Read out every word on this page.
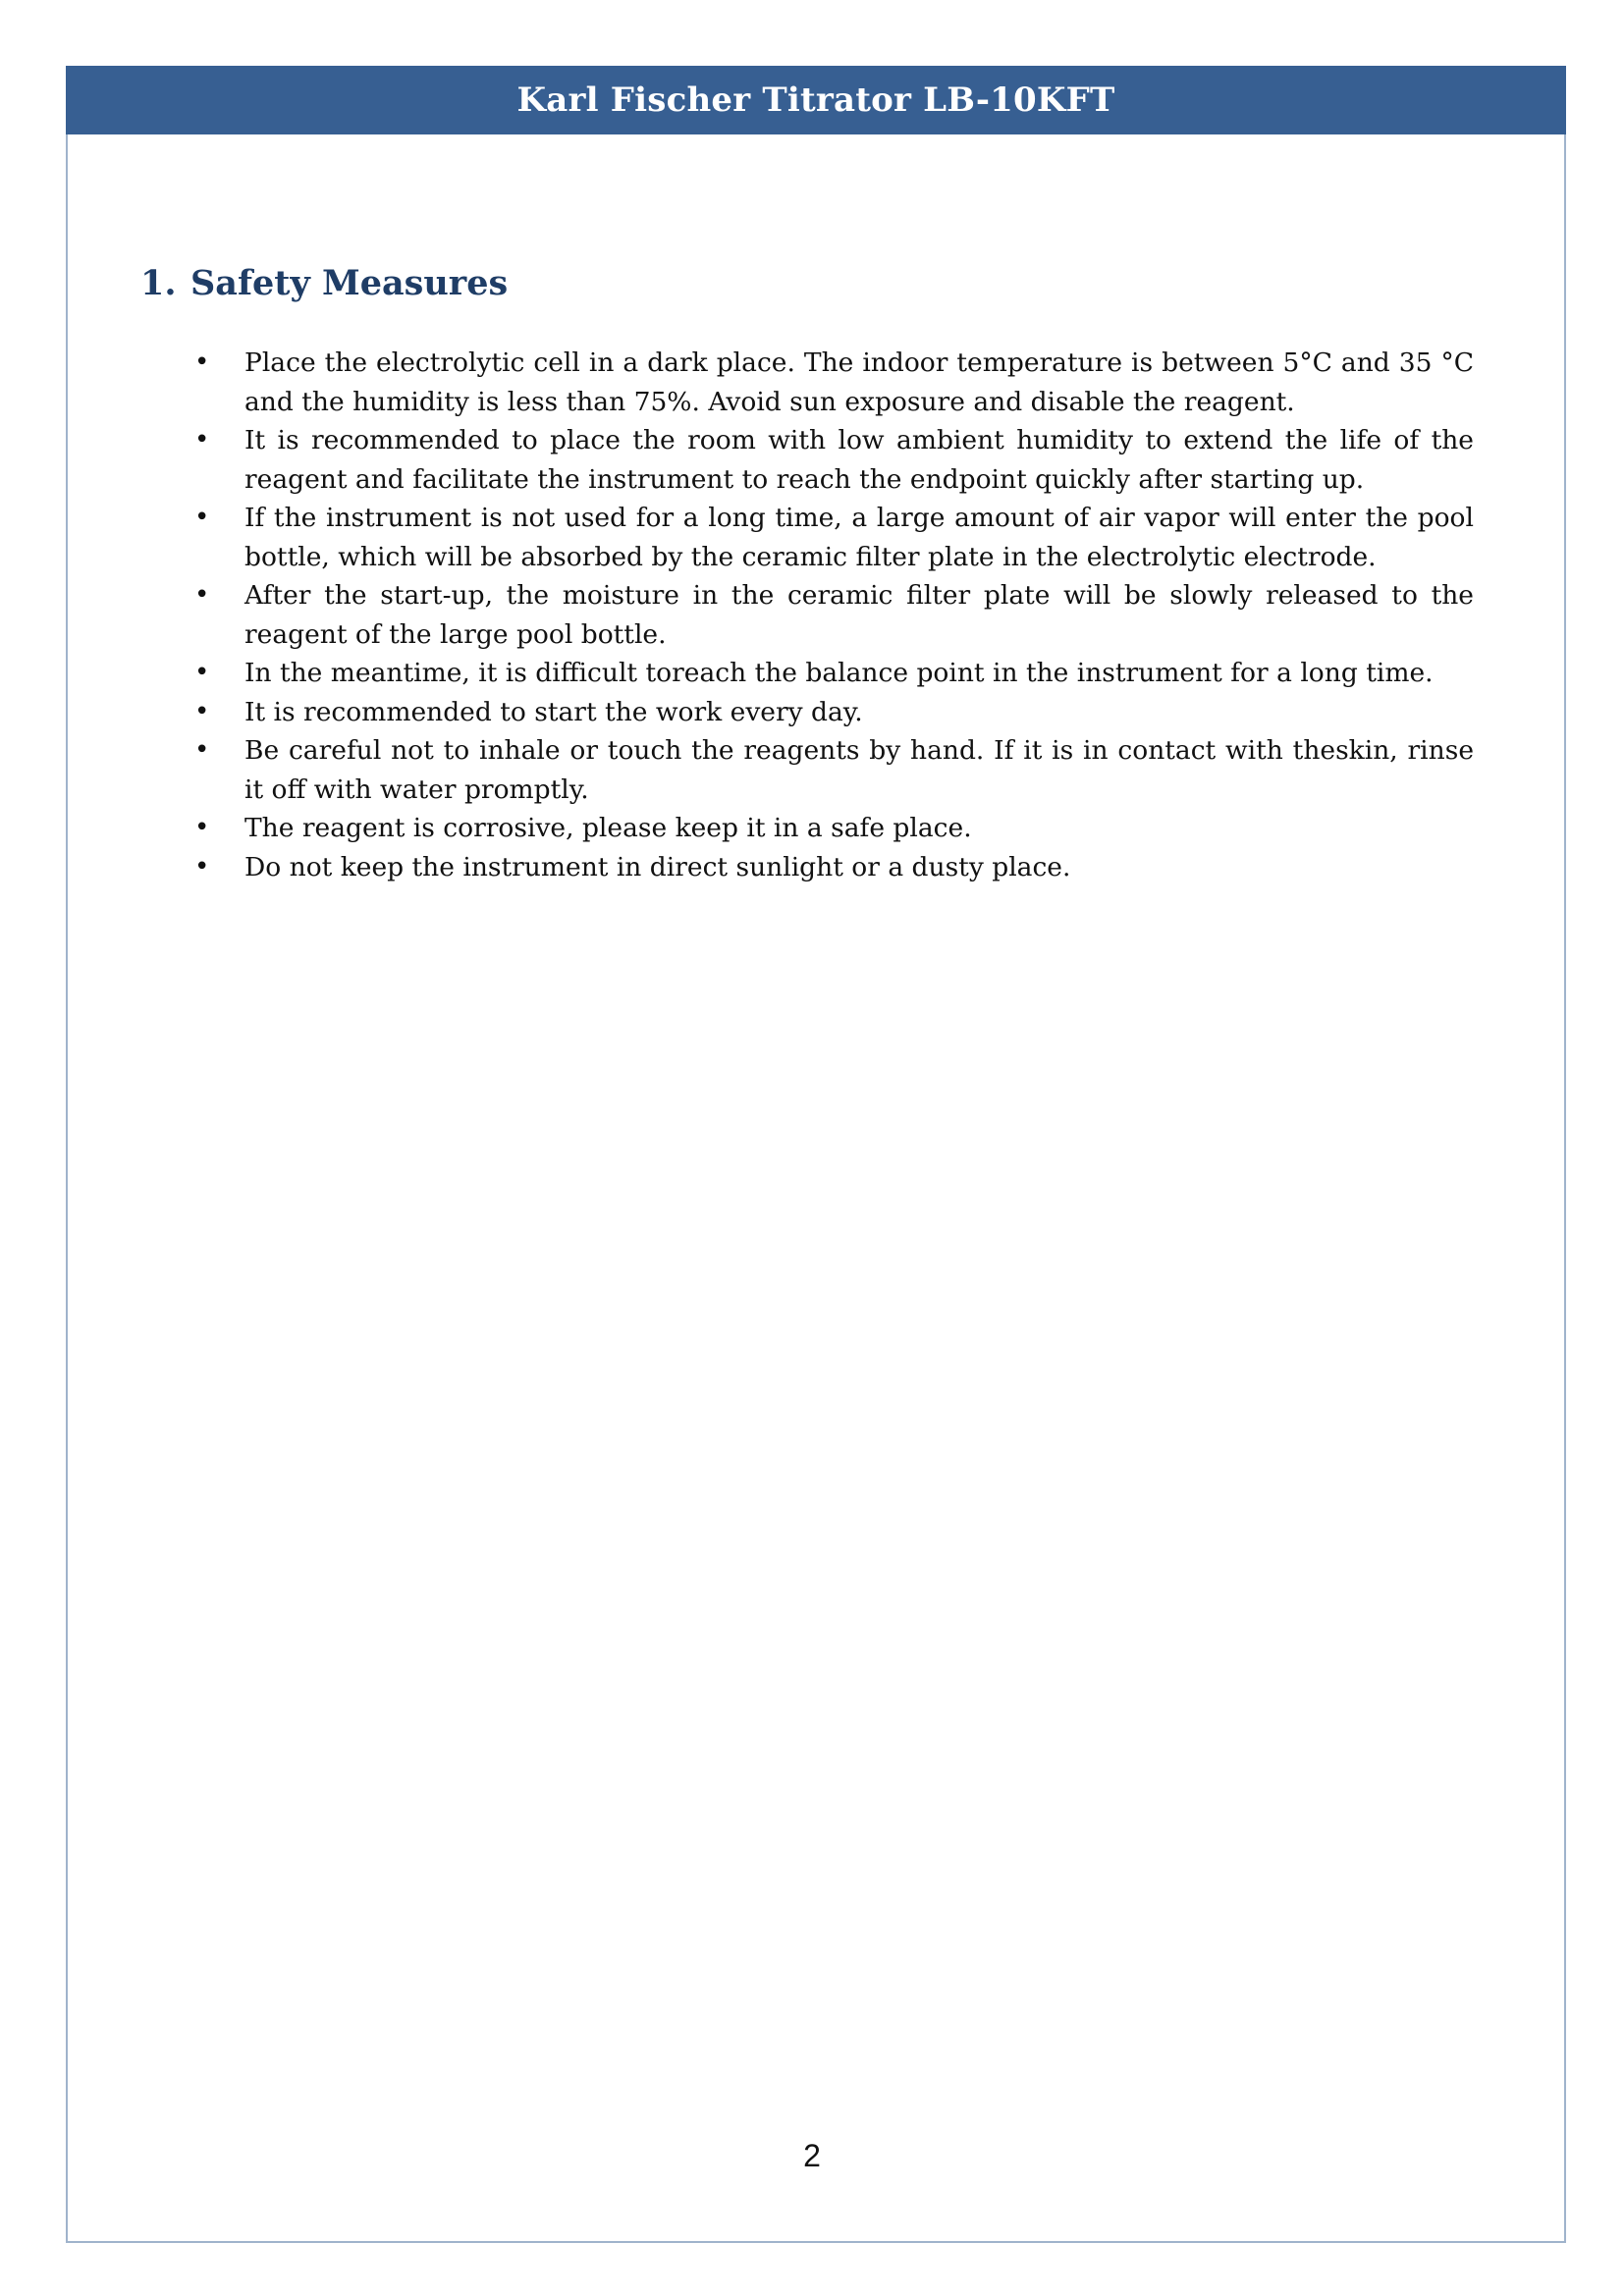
Karl Fischer Titrator LB-10KFT
1. Safety Measures
• Place the electrolytic cell in a dark place. The indoor temperature is between 5°C and 35 °C and the humidity is less than 75%. Avoid sun exposure and disable the reagent.
• It is recommended to place the room with low ambient humidity to extend the life of the reagent and facilitate the instrument to reach the endpoint quickly after starting up.
• If the instrument is not used for a long time, a large amount of air vapor will enter the pool bottle, which will be absorbed by the ceramic filter plate in the electrolytic electrode.
• After the start-up, the moisture in the ceramic filter plate will be slowly released to the reagent of the large pool bottle.
• In the meantime, it is difficult toreach the balance point in the instrument for a long time.
• It is recommended to start the work every day.
• Be careful not to inhale or touch the reagents by hand. If it is in contact with theskin, rinse it off with water promptly.
• The reagent is corrosive, please keep it in a safe place.
• Do not keep the instrument in direct sunlight or a dusty place.
2
